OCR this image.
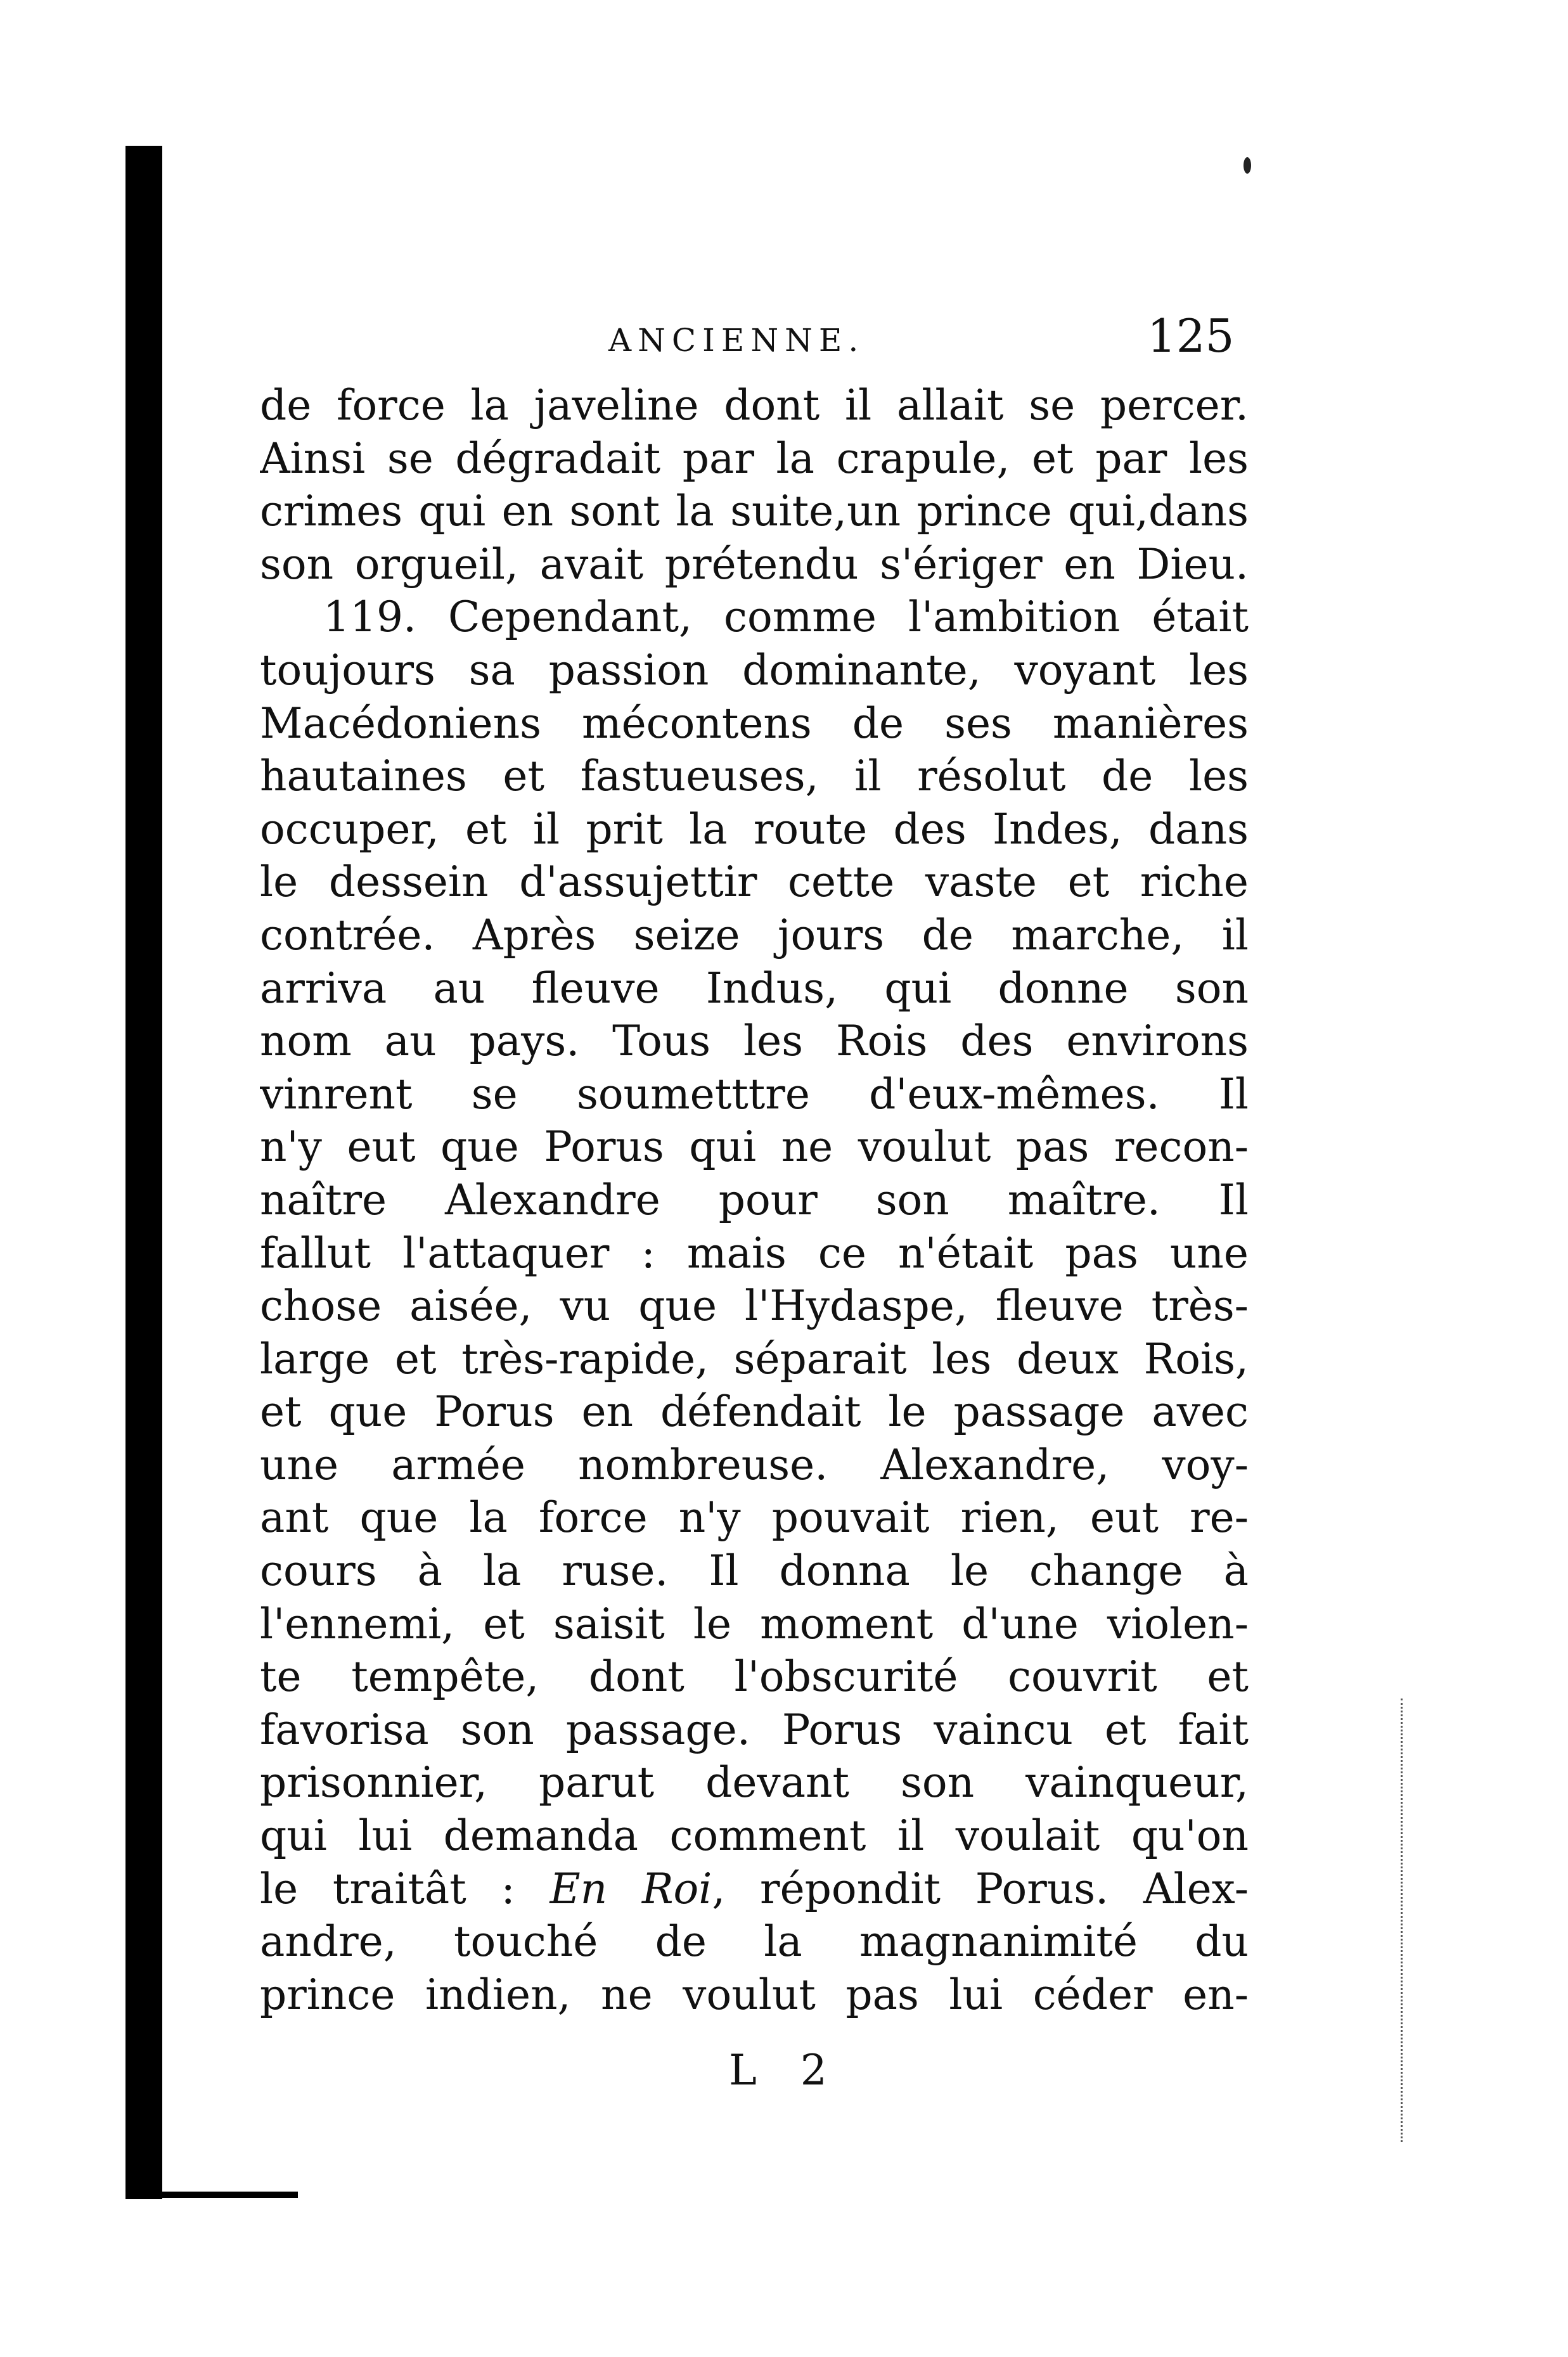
ANCIENNE.	125
de force la javeline dont il allait se percer.
Ainsi se dégradait par la crapule, et par les
crimes qui en sont la suite,un prince qui,dans
son orgueil, avait prétendu s'ériger en Dieu.
119. Cependant, comme l'ambition était
toujours sa passion dominante, voyant les
Macédoniens mécontens de ses manières
hautaines et fastueuses, il résolut de les
occuper, et il prit la route des Indes, dans
le dessein d'assujettir cette vaste et riche
contrée. Après seize jours de marche, il
arriva au fleuve Indus, qui donne son
nom au pays. Tous les Rois des environs
vinrent se soumetttre d'eux-mêmes. Il
n'y eut que Porus qui ne voulut pas recon-
naître Alexandre pour son maître. Il
fallut l'attaquer : mais ce n'était pas une
chose aisée, vu que l'Hydaspe, fleuve très-
large et très-rapide, séparait les deux Rois,
et que Porus en défendait le passage avec
une armée nombreuse. Alexandre, voy-
ant que la force n'y pouvait rien, eut re-
cours à la ruse. Il donna le change à
l'ennemi, et saisit le moment d'une violen-
te tempête, dont l'obscurité couvrit et
favorisa son passage. Porus vaincu et fait
prisonnier, parut devant son vainqueur,
qui lui demanda comment il voulait qu'on
le traitât : En Roi, répondit Porus. Alex-
andre, touché de la magnanimité du
prince indien, ne voulut pas lui céder en-
L 2
